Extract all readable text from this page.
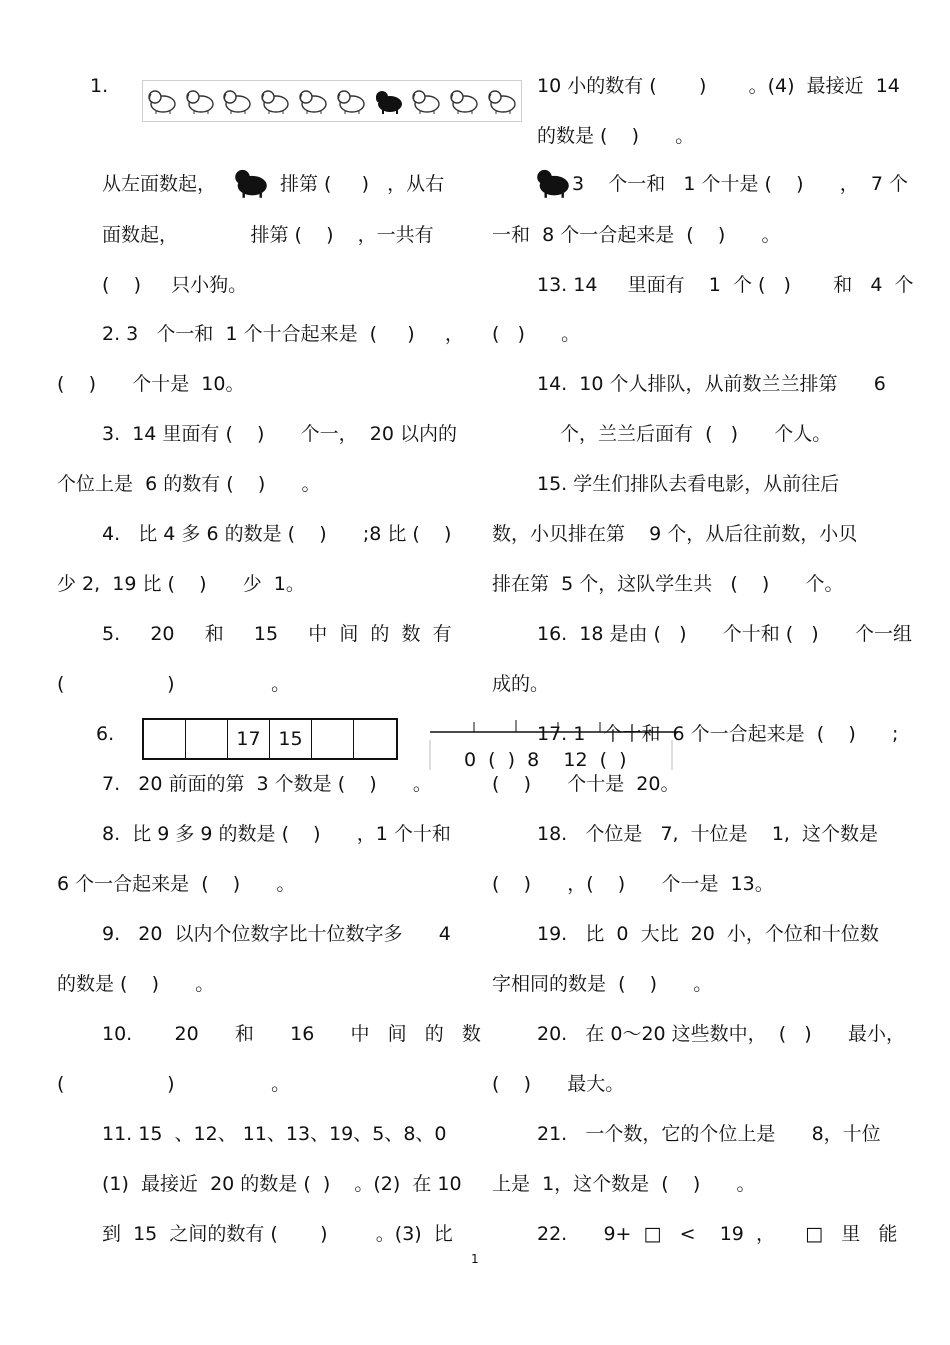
1.
从左面数起，	排第 (     )   ，从右
面数起，            排第 (    )    ，一共有
(    )     只小狗。
2. 3   个一和  1 个十合起来是  (     )     ，
(    )      个十是  10。
3.  14 里面有 (    )      个一，  20 以内的
个位上是  6 的数有 (    )      。
4.   比 4 多 6 的数是 (    )      ;8 比 (    )
少 2,  19 比 (    )      少  1。
5.     20     和     15     中  间  的  数  有
(                 )                。
6.	17 15
0  (  )  8    12  (  )
7.   20 前面的第  3 个数是 (    )      。
8.  比 9 多 9 的数是 (    )      ，1 个十和
6 个一合起来是  (    )      。
9.   20  以内个位数字比十位数字多      4
的数是 (    )      。
10.       20      和      16      中   间   的   数
(                 )                。
11. 15  、12、 11、13、19、5、8、0
(1)  最接近  20 的数是 (  )    。(2)  在 10
到  15  之间的数有 (       )        。(3)  比
10 小的数有 (       )       。(4)  最接近  14
的数是 (    )      。
3    个一和   1 个十是 (    )      ，  7 个
一和  8 个一合起来是  (    )      。
13. 14     里面有    1  个 (   )       和   4  个
(   )      。
14.  10 个人排队，从前数兰兰排第      6
个，兰兰后面有  (   )      个人。
15. 学生们排队去看电影，从前往后
数，小贝排在第    9 个，从后往前数，小贝
排在第  5 个，这队学生共   (    )      个。
16.  18 是由 (   )      个十和 (   )      个一组
成的。
17. 1   个十和  6 个一合起来是  (    )      ;
(    )      个十是  20。
18.   个位是   7,  十位是    1,  这个数是
(    )      ，(    )      个一是  13。
19.   比  0  大比  20  小，个位和十位数
字相同的数是  (    )      。
20.   在 0～20 这些数中，  (   )      最小，
(    )      最大。
21.   一个数，它的个位上是      8，十位
上是  1，这个数是  (    )      。
22.      9+  □   <    19  ，     □   里   能
1
